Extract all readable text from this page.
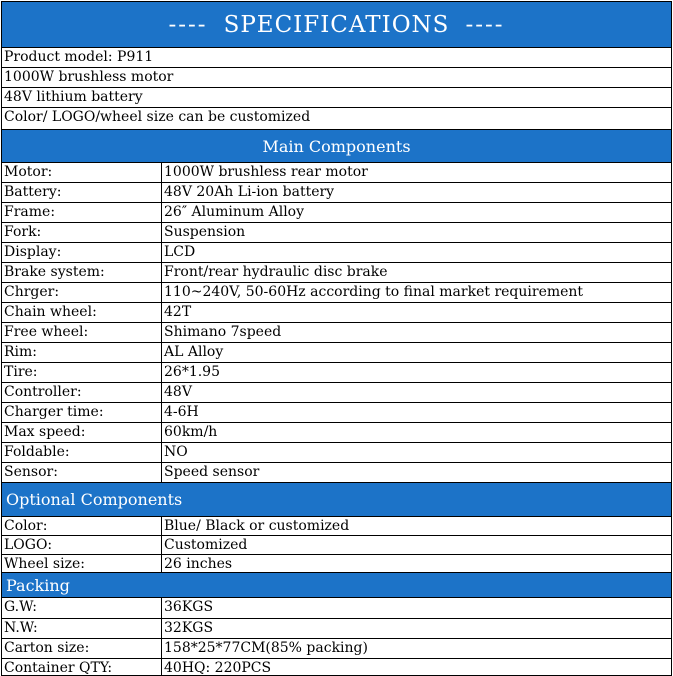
---- SPECIFICATIONS ----
Product model: P911
1000W brushless motor
48V lithium battery
Color/ LOGO/wheel size can be customized
Main Components
Motor:	1000W brushless rear motor
Battery:	48V 20Ah Li-ion battery
Frame:	26″ Aluminum Alloy
Fork:	Suspension
Display:	LCD
Brake system:	Front/rear hydraulic disc brake
Chrger:	110~240V, 50-60Hz according to final market requirement
Chain wheel:	42T
Free wheel:	Shimano 7speed
Rim:	AL Alloy
Tire:	26*1.95
Controller:	48V
Charger time:	4-6H
Max speed:	60km/h
Foldable:	NO
Sensor:	Speed sensor
Optional Components
Color:	Blue/ Black or customized
LOGO:	Customized
Wheel size:	26 inches
Packing
G.W:	36KGS
N.W:	32KGS
Carton size:	158*25*77CM(85% packing)
Container QTY:	40HQ: 220PCS
